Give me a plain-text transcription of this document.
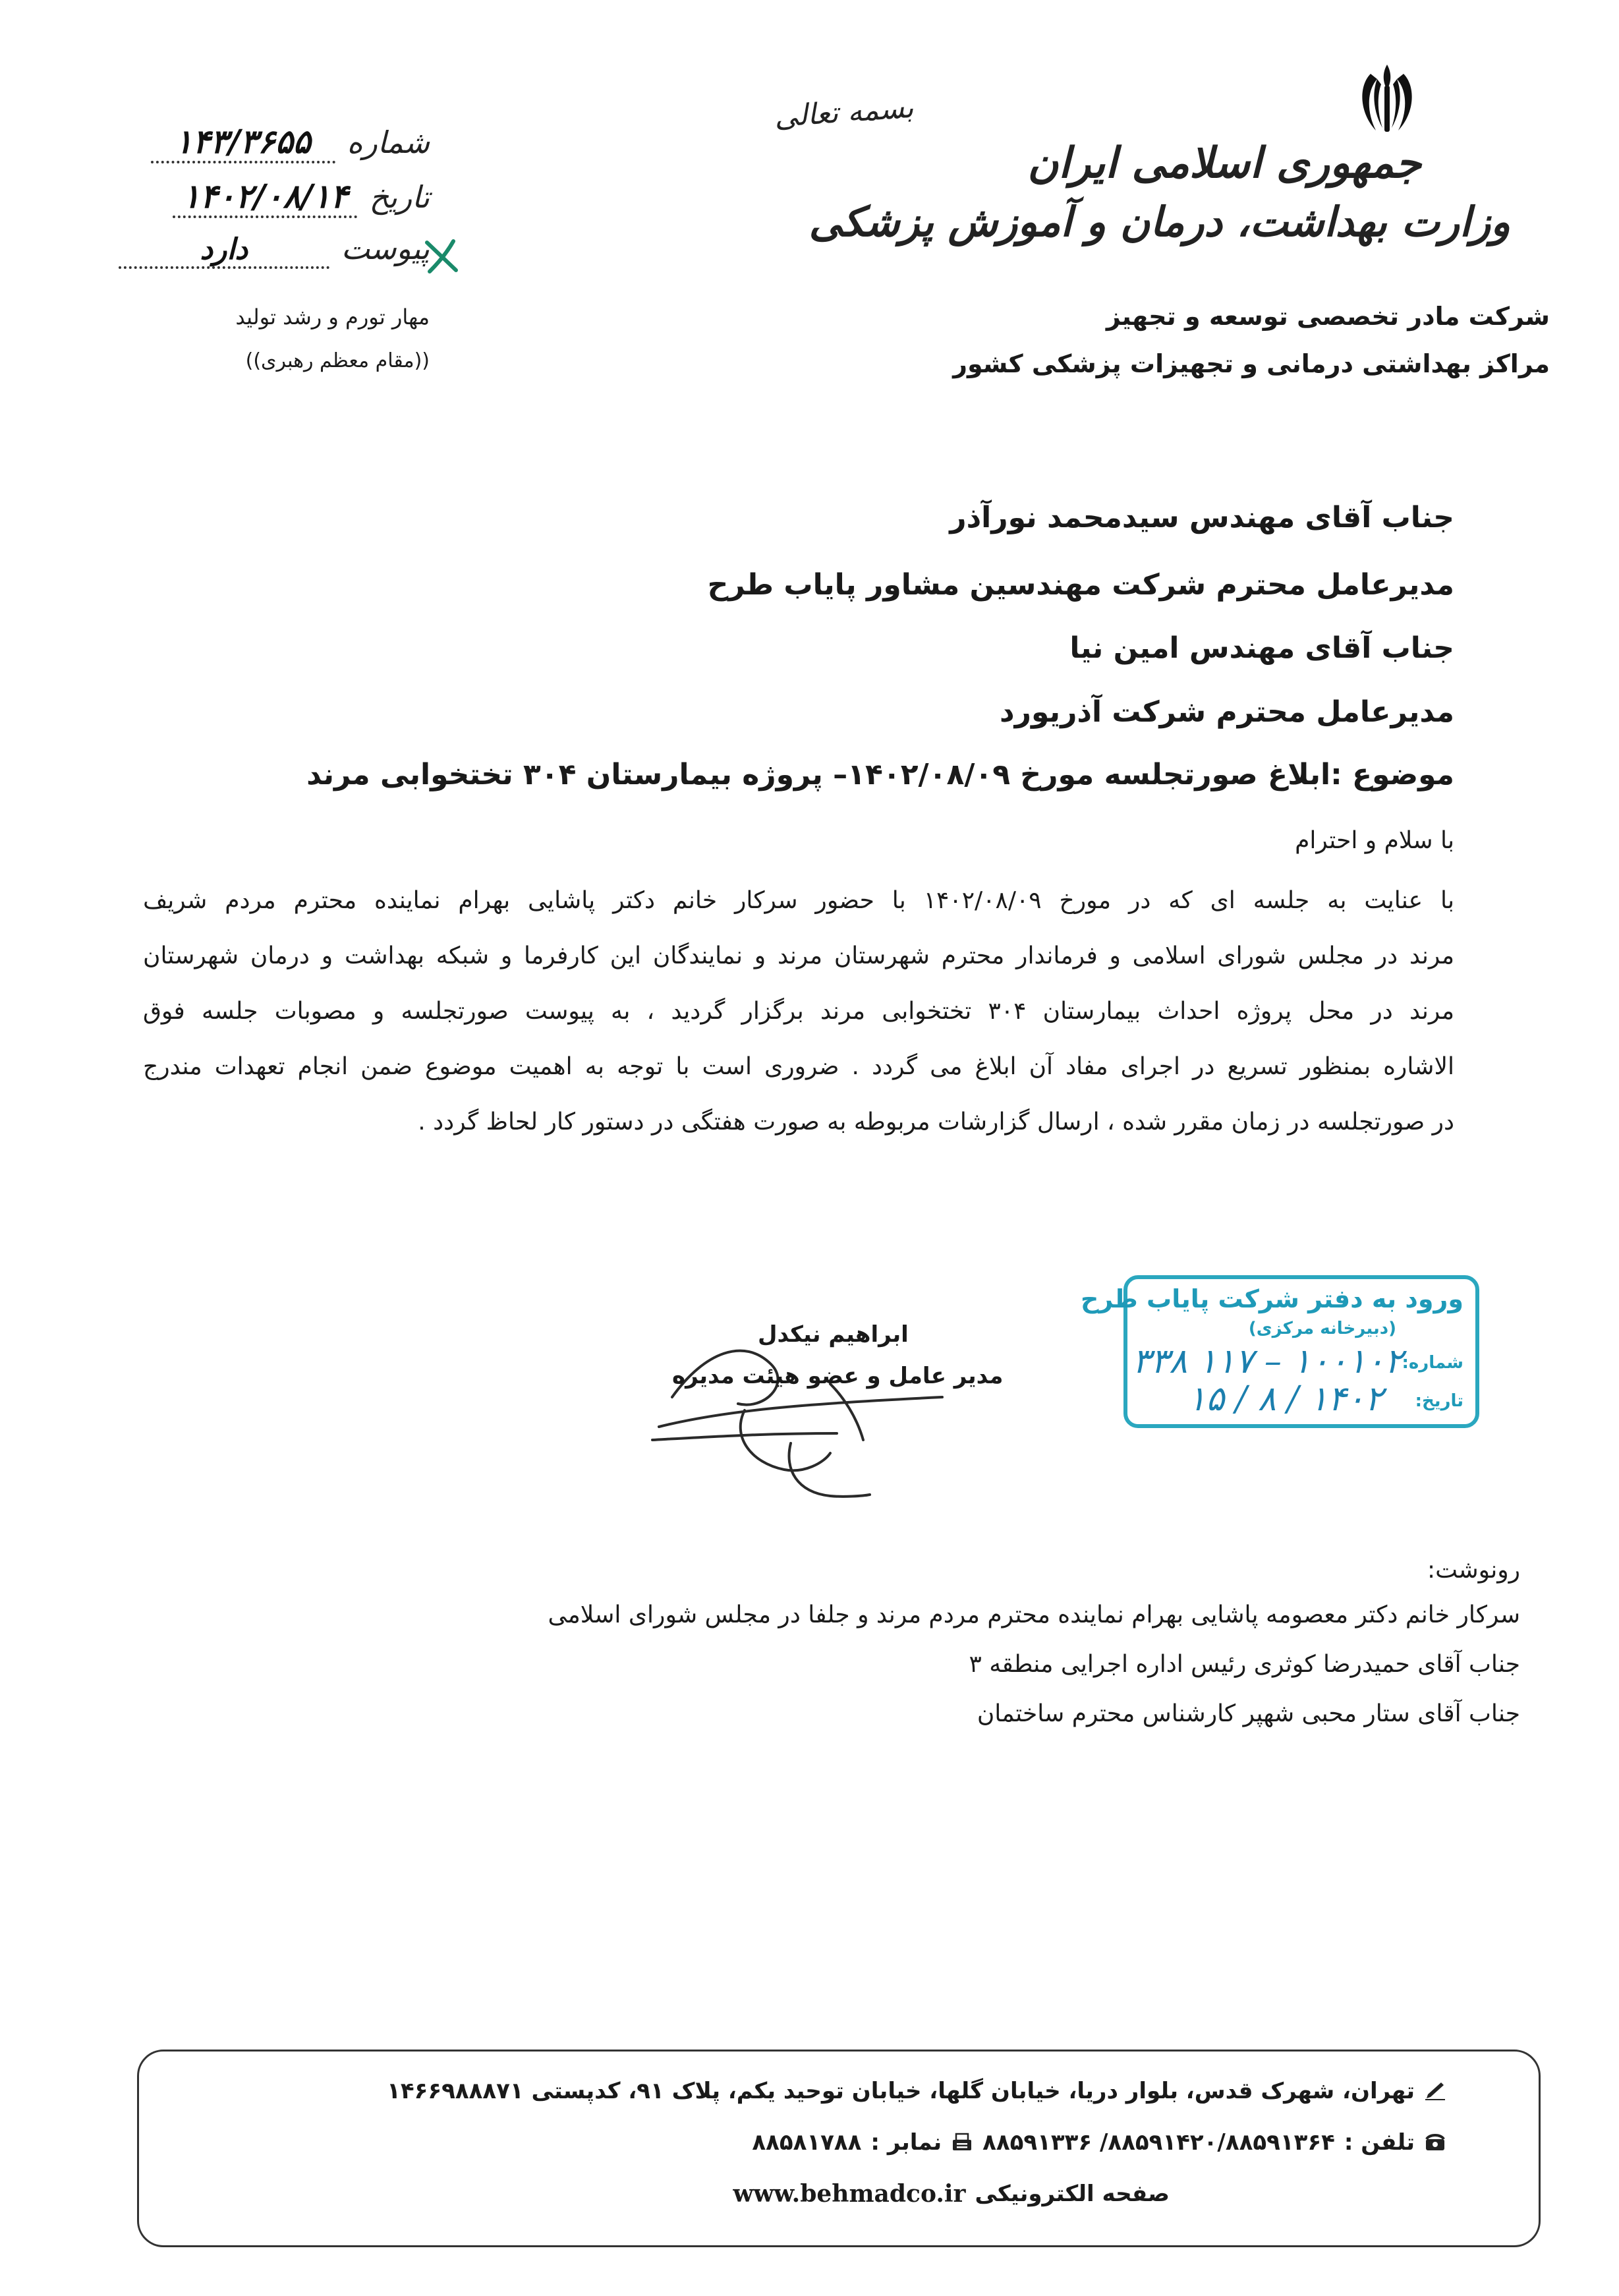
جمهوری اسلامی ایران
وزارت بهداشت، درمان و آموزش پزشکی
شرکت مادر تخصصی توسعه و تجهیز
مراکز بهداشتی درمانی و تجهیزات پزشکی کشور
بسمه تعالی
شماره
۱۴۳/۳۶۵۵
تاریخ
۱۴۰۲/۰۸/۱۴
پیوست
دارد
مهار تورم و رشد تولید
((مقام معظم رهبری))
جناب آقای مهندس سیدمحمد نورآذر
مدیرعامل محترم شرکت مهندسین مشاور پایاب طرح
جناب آقای مهندس امین نیا
مدیرعامل محترم شرکت آذریورد
موضوع :ابلاغ صورتجلسه مورخ ۱۴۰۲/۰۸/۰۹– پروژه بیمارستان ۳۰۴ تختخوابی مرند
با سلام و احترام
با عنایت به جلسه ای که در مورخ ۱۴۰۲/۰۸/۰۹ با حضور سرکار خانم دکتر پاشایی بهرام نماینده محترم مردم شریف
مرند در مجلس شورای اسلامی و فرماندار محترم شهرستان مرند و نمایندگان این کارفرما و شبکه بهداشت و درمان شهرستان
مرند در محل پروژه احداث بیمارستان ۳۰۴ تختخوابی مرند برگزار گردید ، به پیوست صورتجلسه و مصوبات جلسه فوق
الاشاره بمنظور تسریع در اجرای مفاد آن ابلاغ می گردد . ضروری است با توجه به اهمیت موضوع ضمن انجام تعهدات مندرج
در صورتجلسه در زمان مقرر شده ، ارسال گزارشات مربوطه به صورت هفتگی در دستور کار لحاظ گردد .
ورود به دفتر شرکت پایاب طرح
(دبیرخانه مرکزی)
شماره:
۱۰۰۱۰۲ – ۱۱۷ ۳۳۸
تاریخ:
۱۴۰۲ / ۸ / ۱۵
ابراهیم نیکدل
مدیر عامل و عضو هیئت مدیره
رونوشت:
سرکار خانم دکتر معصومه پاشایی بهرام نماینده محترم مردم مرند و جلفا در مجلس شورای اسلامی
جناب آقای حمیدرضا کوثری رئیس اداره اجرایی منطقه ۳
جناب آقای ستار محبی شهپر کارشناس محترم ساختمان
تهران، شهرک قدس، بلوار دریا، خیابان گلها، خیابان توحید یکم، پلاک ۹۱، کدپستی ۱۴۶۶۹۸۸۸۷۱
تلفن :
۸۸۵۹۱۴۲۰/۸۸۵۹۱۳۶۴/ ۸۸۵۹۱۳۳۶
نمابر :
۸۸۵۸۱۷۸۸
صفحه الکترونیکی
www.behmadco.ir
